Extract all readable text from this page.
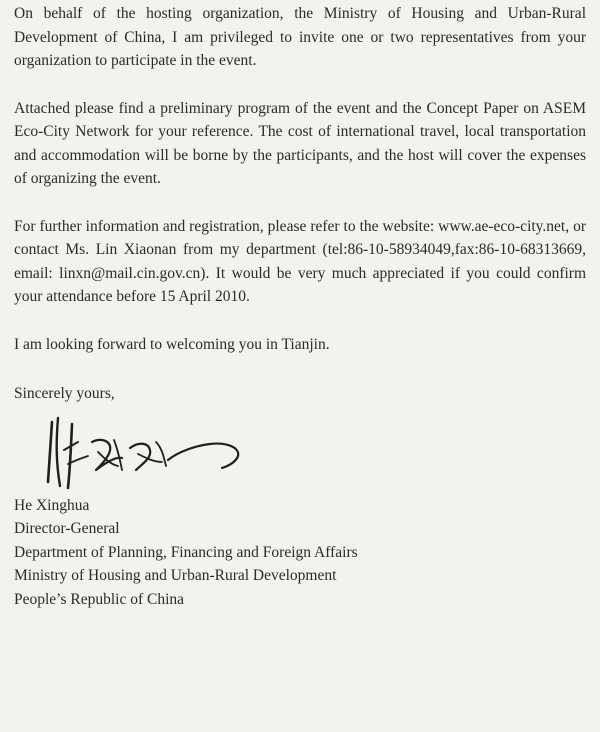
On behalf of the hosting organization, the Ministry of Housing and Urban-Rural Development of China, I am privileged to invite one or two representatives from your organization to participate in the event.

Attached please find a preliminary program of the event and the Concept Paper on ASEM Eco-City Network for your reference. The cost of international travel, local transportation and accommodation will be borne by the participants, and the host will cover the expenses of organizing the event.

For further information and registration, please refer to the website: www.ae-eco-city.net, or contact Ms. Lin Xiaonan from my department (tel:86-10-58934049,fax:86-10-68313669, email: linxn@mail.cin.gov.cn). It would be very much appreciated if you could confirm your attendance before 15 April 2010.

I am looking forward to welcoming you in Tianjin.

Sincerely yours,

He Xinghua
Director-General
Department of Planning, Financing and Foreign Affairs
Ministry of Housing and Urban-Rural Development
People’s Republic of China
